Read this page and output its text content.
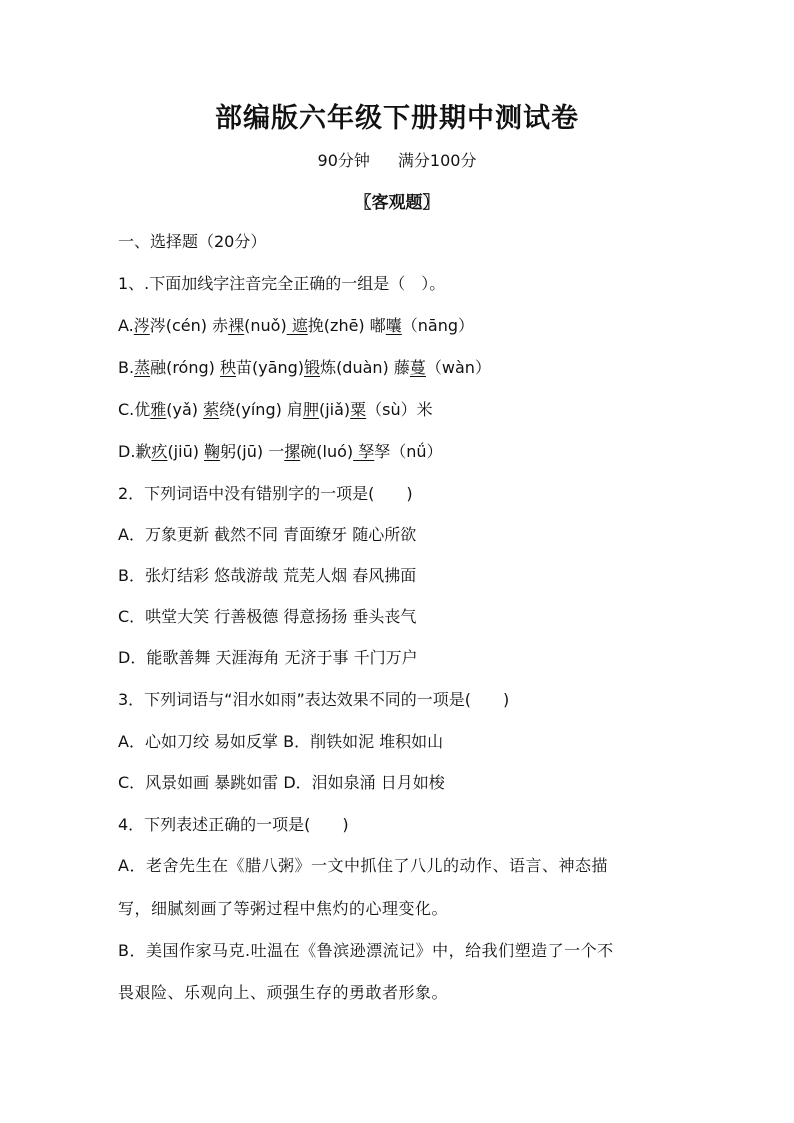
部编版六年级下册期中测试卷
90分钟 满分100分
〖客观题〗
一、选择题（20分）
1、.下面加线字注音完全正确的一组是（　）。
A.涔涔(cén) 赤裸(nuǒ) 遮挽(zhē) 嘟囔（nāng）
B.蒸融(róng) 秧苗(yāng)锻炼(duàn) 藤蔓（wàn）
C.优雅(yǎ) 萦绕(yíng) 肩胛(jiǎ)粟（sù）米
D.歉疚(jiū) 鞠躬(jū) 一摞碗(luó) 孥孥（nǘ）
2．下列词语中没有错别字的一项是(　　)
A．万象更新 截然不同 青面缭牙 随心所欲
B．张灯结彩 悠哉游哉 荒芜人烟 春风拂面
C．哄堂大笑 行善极德 得意扬扬 垂头丧气
D．能歌善舞 天涯海角 无济于事 千门万户
3．下列词语与“泪水如雨”表达效果不同的一项是(　　)
A．心如刀绞 易如反掌 B．削铁如泥 堆积如山
C．风景如画 暴跳如雷 D．泪如泉涌 日月如梭
4．下列表述正确的一项是(　　)
A．老舍先生在《腊八粥》一文中抓住了八儿的动作、语言、神态描
写，细腻刻画了等粥过程中焦灼的心理变化。
B．美国作家马克.吐温在《鲁滨逊漂流记》中，给我们塑造了一个不
畏艰险、乐观向上、顽强生存的勇敢者形象。
